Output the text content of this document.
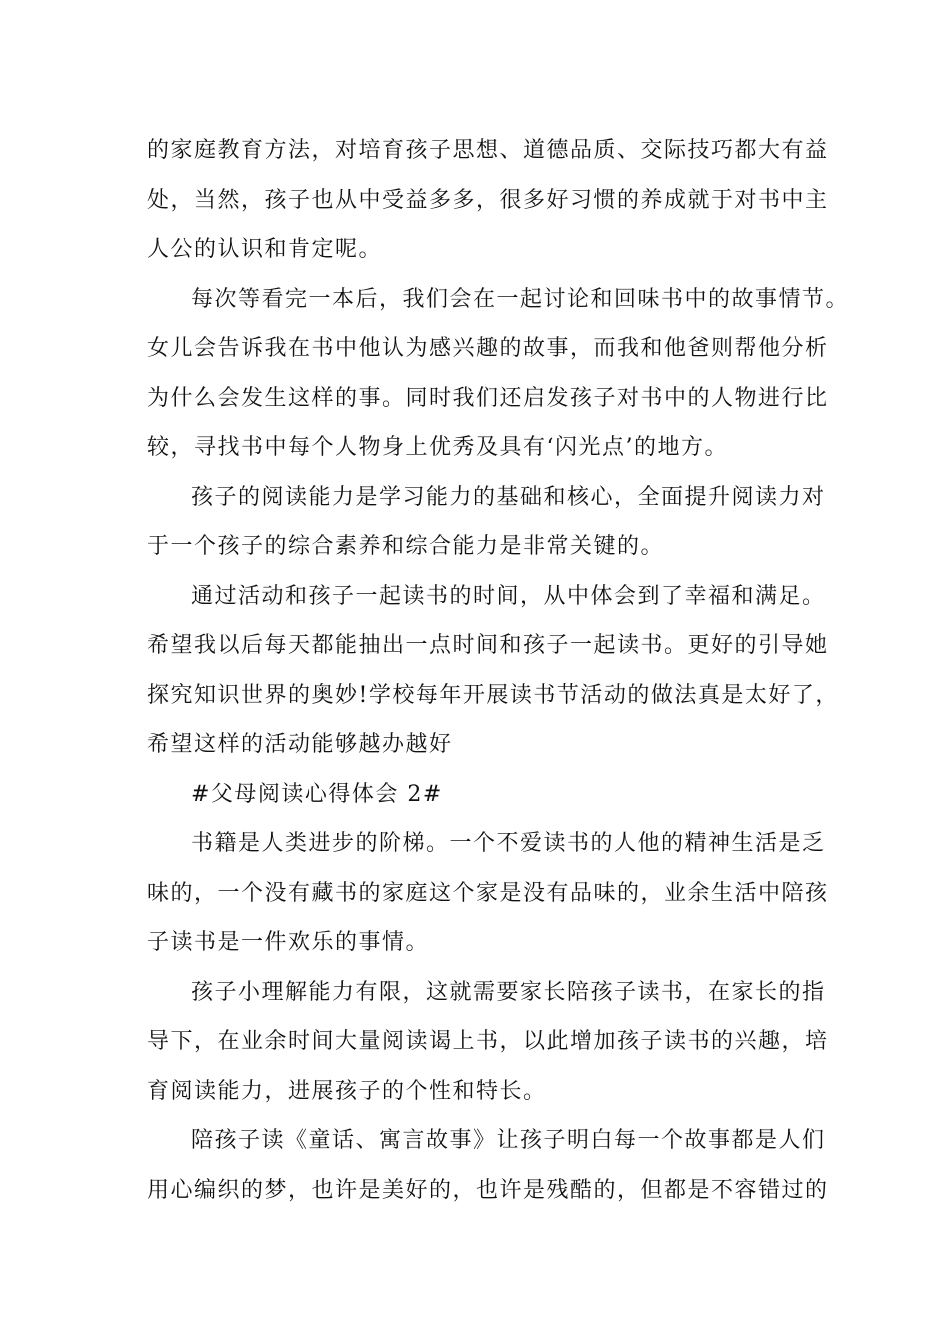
的家庭教育方法，对培育孩子思想、道德品质、交际技巧都大有益
处，当然，孩子也从中受益多多，很多好习惯的养成就于对书中主
人公的认识和肯定呢。
每次等看完一本后，我们会在一起讨论和回味书中的故事情节。
女儿会告诉我在书中他认为感兴趣的故事，而我和他爸则帮他分析
为什么会发生这样的事。同时我们还启发孩子对书中的人物进行比
较，寻找书中每个人物身上优秀及具有‘闪光点’的地方。
孩子的阅读能力是学习能力的基础和核心，全面提升阅读力对
于一个孩子的综合素养和综合能力是非常关键的。
通过活动和孩子一起读书的时间，从中体会到了幸福和满足。
希望我以后每天都能抽出一点时间和孩子一起读书。更好的引导她
探究知识世界的奥妙!学校每年开展读书节活动的做法真是太好了，
希望这样的活动能够越办越好
#父母阅读心得体会 2#
书籍是人类进步的阶梯。一个不爱读书的人他的精神生活是乏
味的，一个没有藏书的家庭这个家是没有品味的，业余生活中陪孩
子读书是一件欢乐的事情。
孩子小理解能力有限，这就需要家长陪孩子读书，在家长的指
导下，在业余时间大量阅读谒上书，以此增加孩子读书的兴趣，培
育阅读能力，进展孩子的个性和特长。
陪孩子读《童话、寓言故事》让孩子明白每一个故事都是人们
用心编织的梦，也许是美好的，也许是残酷的，但都是不容错过的
